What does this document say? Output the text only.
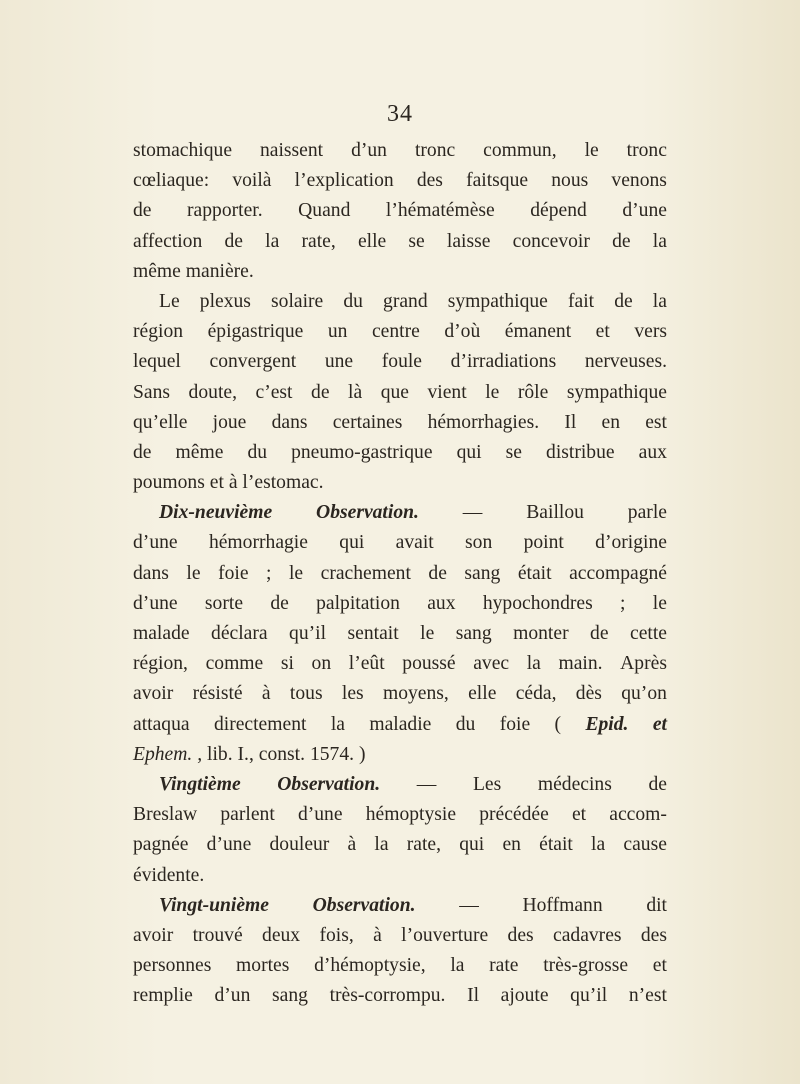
34
stomachique naissent d’un tronc commun, le tronc
cœliaque: voilà l’explication des faitsque nous venons
de rapporter. Quand l’hématémèse dépend d’une
affection de la rate, elle se laisse concevoir de la
même
manière.

Le plexus solaire du grand sympathique fait de la
région épigastrique un centre d’où émanent et vers
lequel convergent une foule d’irradiations nerveuses.
Sans doute, c’est de là que vient le rôle sympathique
qu’elle joue dans certaines hémorrhagies. Il en est
de même du pneumo-gastrique qui se distribue aux
poumons
et
à
l’estomac.

Dix-neuvième Observation. — Baillou parle
d’une hémorrhagie qui avait son point d’origine
dans le foie ; le crachement de sang était accompagné
d’une sorte de palpitation aux hypochondres ; le
malade déclara qu’il sentait le sang monter de cette
région, comme si on l’eût poussé avec la main. Après
avoir résisté à tous les moyens, elle céda, dès qu’on
attaqua directement la maladie du foie ( Epid. et
Ephem.
,
lib.
I.,
const.
1574.
)

Vingtième Observation. — Les médecins de
Breslaw parlent d’une hémoptysie précédée et accom-
pagnée d’une douleur à la rate, qui en était la cause
évidente.

Vingt-unième Observation. — Hoffmann dit
avoir trouvé deux fois, à l’ouverture des cadavres des
personnes mortes d’hémoptysie, la rate très-grosse et
remplie d’un sang très-corrompu. Il ajoute qu’il n’est
